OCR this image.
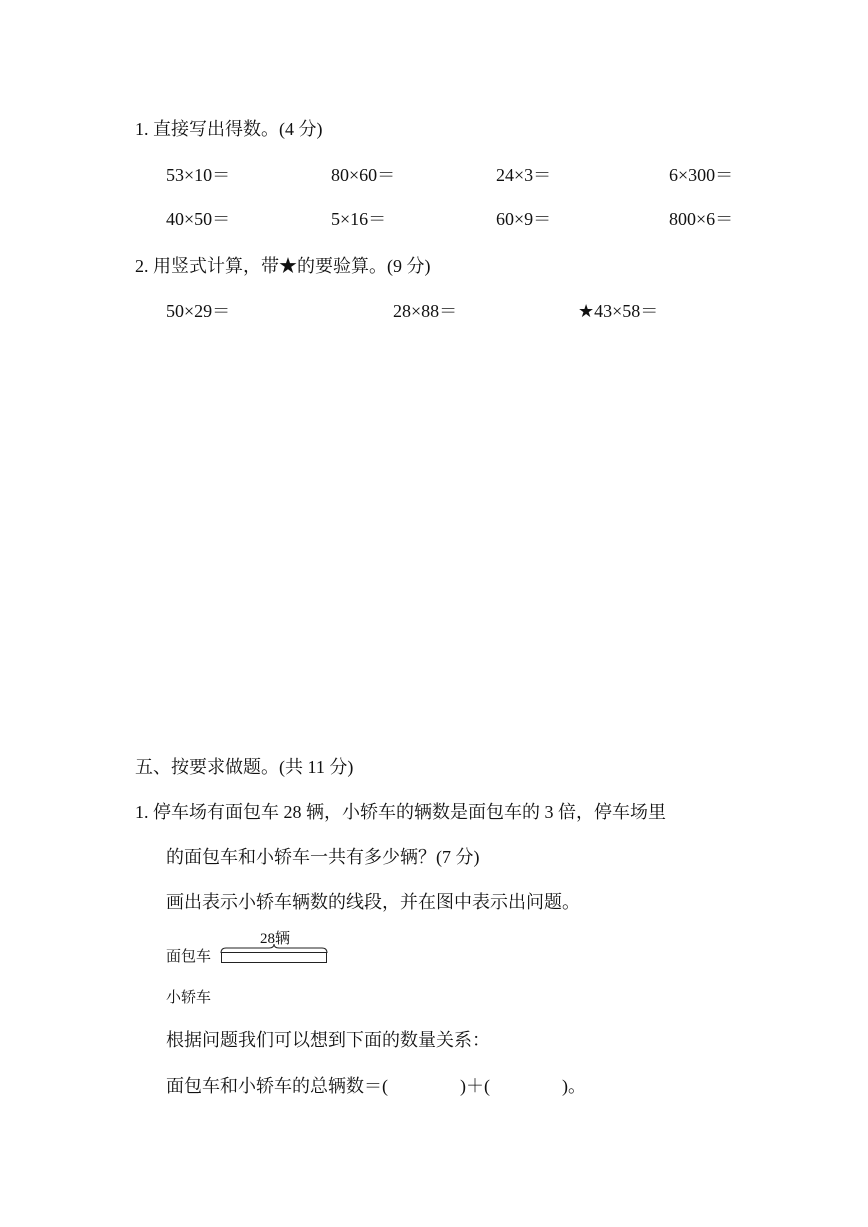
1. 直接写出得数。(4 分)
53×10＝	80×60＝	24×3＝	6×300＝
40×50＝	5×16＝	60×9＝	800×6＝
2. 用竖式计算，带★的要验算。(9 分)
50×29＝	28×88＝	★43×58＝
五、按要求做题。(共 11 分)
1. 停车场有面包车 28 辆，小轿车的辆数是面包车的 3 倍，停车场里
的面包车和小轿车一共有多少辆？(7 分)
画出表示小轿车辆数的线段，并在图中表示出问题。
28辆
面包车
小轿车
根据问题我们可以想到下面的数量关系：
面包车和小轿车的总辆数＝(　　　　)＋(　　　　)。
